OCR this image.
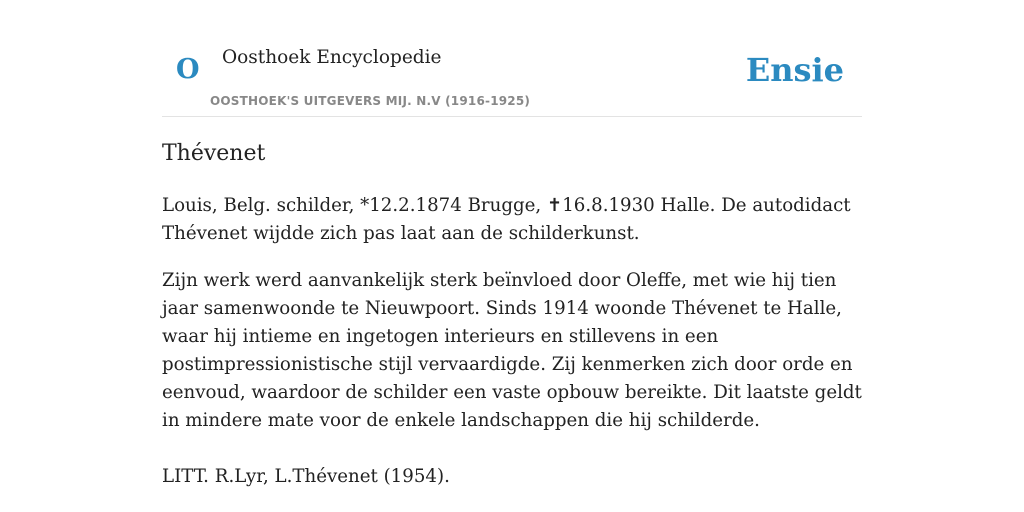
O Oosthoek Encyclopedie
OOSTHOEK'S UITGEVERS MIJ. N.V (1916-1925)
Ensie
Thévenet

Louis, Belg. schilder, *12.2.1874 Brugge, ✝16.8.1930 Halle. De autodidact Thévenet wijdde zich pas laat aan de schilderkunst.

Zijn werk werd aanvankelijk sterk beïnvloed door Oleffe, met wie hij tien jaar samenwoonde te Nieuwpoort. Sinds 1914 woonde Thévenet te Halle, waar hij intieme en ingetogen interieurs en stillevens in een postimpressionistische stijl vervaardigde. Zij kenmerken zich door orde en eenvoud, waardoor de schilder een vaste opbouw bereikte. Dit laatste geldt in mindere mate voor de enkele landschappen die hij schilderde.

LITT. R.Lyr, L.Thévenet (1954).
